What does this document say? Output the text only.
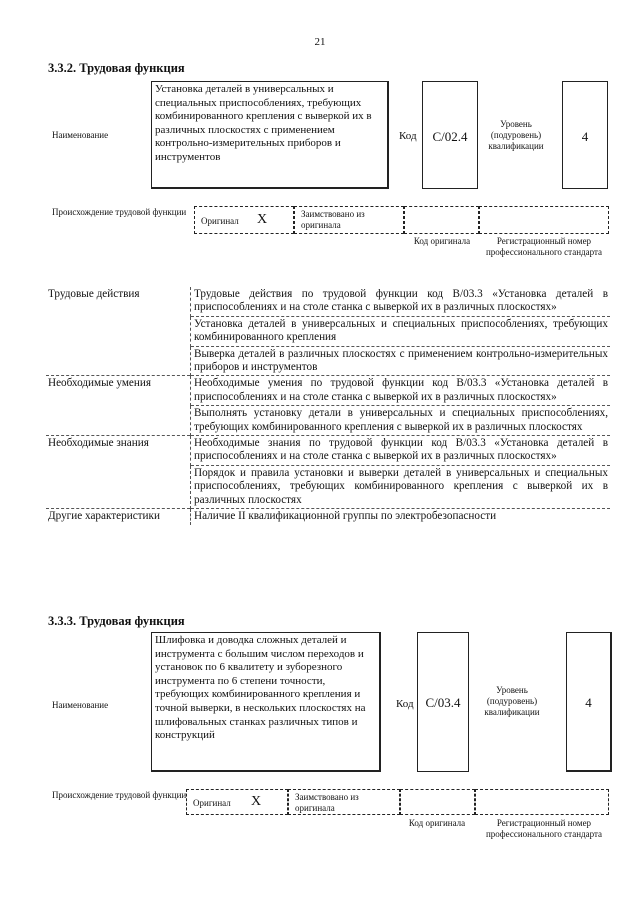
21
3.3.2. Трудовая функция
Наименование
Установка деталей в универсальных и специальных приспособлениях, требующих комбинированного крепления с выверкой их в различных плоскостях с применением контрольно-измерительных приборов и инструментов
Код	С/02.4
Уровень (подуровень) квалификации
4
Происхождение трудовой функции
Оригинал Х	Заимствовано из оригинала
Код оригинала	Регистрационный номер профессионального стандарта
Трудовые действия	Трудовые действия по трудовой функции код В/03.3 «Установка деталей в приспособлениях и на столе станка с выверкой их в различных плоскостях»
	Установка деталей в универсальных и специальных приспособлениях, требующих комбинированного крепления
	Выверка деталей в различных плоскостях с применением контрольно-измерительных приборов и инструментов
Необходимые умения	Необходимые умения по трудовой функции код В/03.3 «Установка деталей в приспособлениях и на столе станка с выверкой их в различных плоскостях»
	Выполнять установку детали в универсальных и специальных приспособлениях, требующих комбинированного крепления с выверкой их в различных плоскостях
Необходимые знания	Необходимые знания по трудовой функции код В/03.3 «Установка деталей в приспособлениях и на столе станка с выверкой их в различных плоскостях»
	Порядок и правила установки и выверки деталей в универсальных и специальных приспособлениях, требующих комбинированного крепления с выверкой их в различных плоскостях
Другие характеристики	Наличие II квалификационной группы по электробезопасности
3.3.3. Трудовая функция
Наименование
Шлифовка и доводка сложных деталей и инструмента с большим числом переходов и установок по 6 квалитету и зуборезного инструмента по 6 степени точности, требующих комбинированного крепления и точной выверки, в нескольких плоскостях на шлифовальных станках различных типов и конструкций
Код С/03.4
Уровень (подуровень) квалификации
4
Происхождение трудовой функции
Оригинал Х	Заимствовано из оригинала
Код оригинала	Регистрационный номер профессионального стандарта
